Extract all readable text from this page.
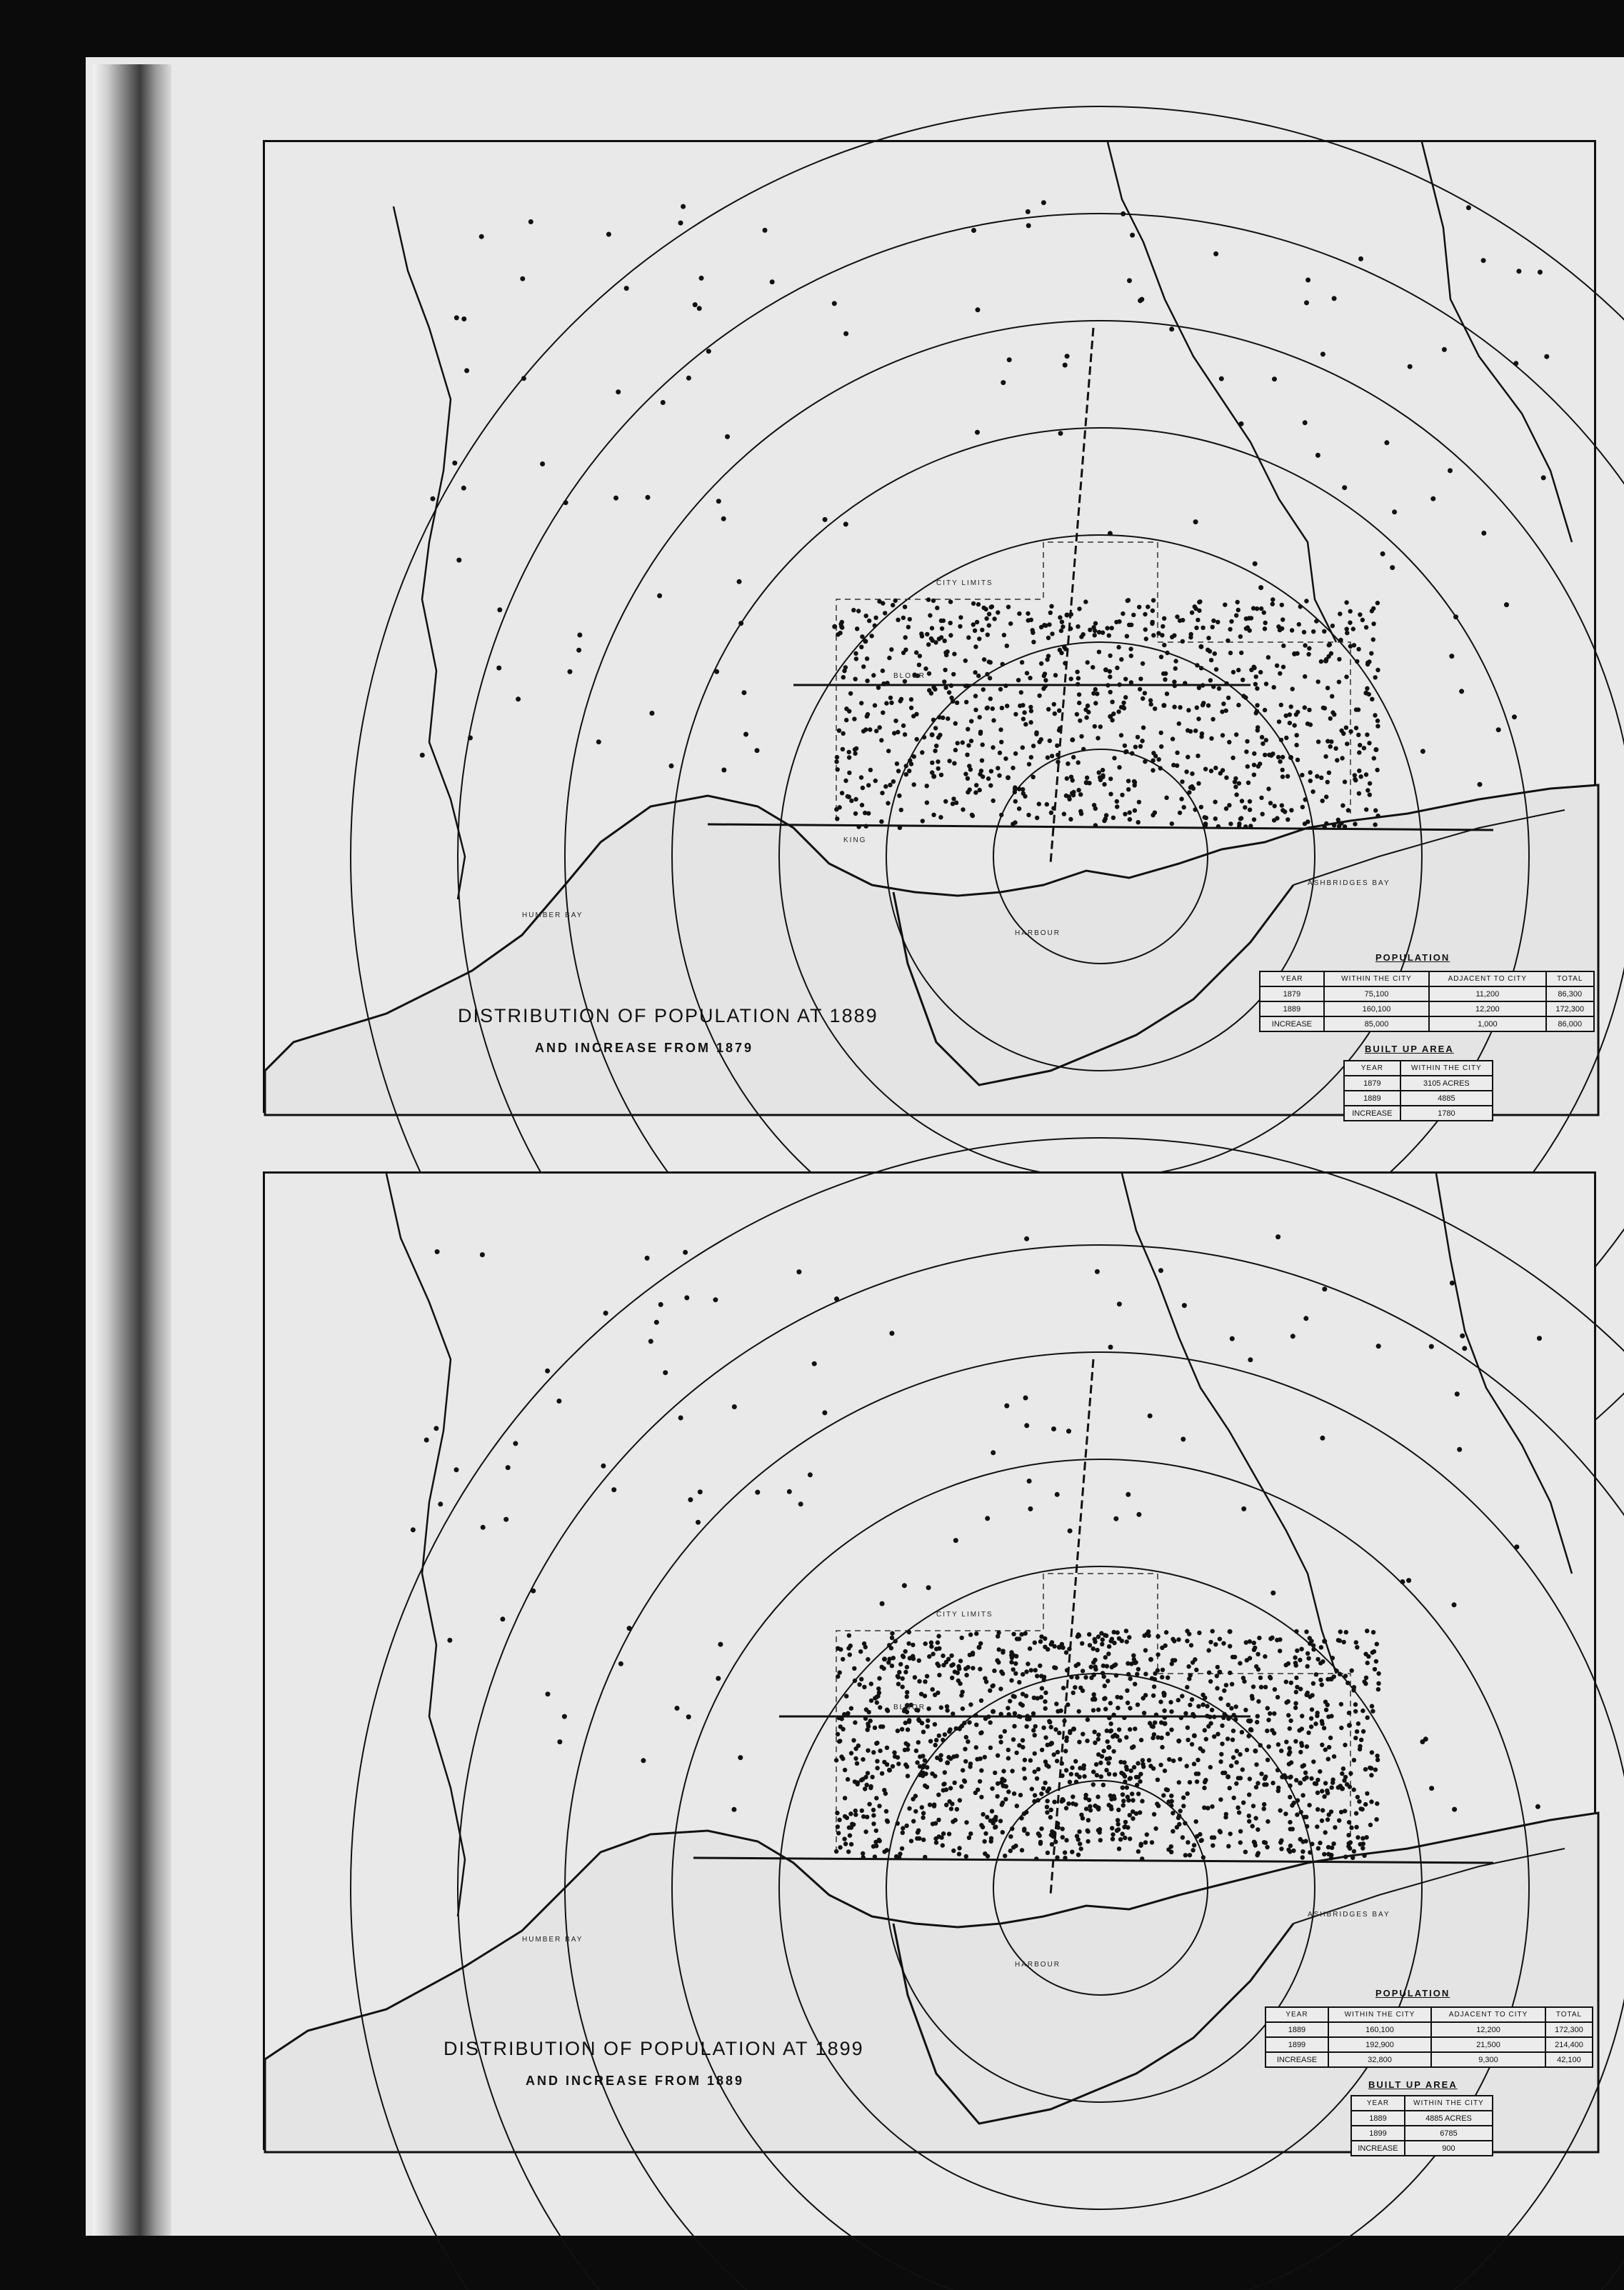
HUMBER BAY
HARBOUR
ASHBRIDGES BAY
KING
BLOOR
CITY LIMITS
DISTRIBUTION OF POPULATION AT 1889
AND INCREASE FROM 1879
POPULATION
YEAR	WITHIN THE CITY	ADJACENT TO CITY	TOTAL
1879	75,100	11,200	86,300
1889	160,100	12,200	172,300
INCREASE	85,000	1,000	86,000
BUILT UP AREA
YEAR	WITHIN THE CITY
1879	3105 ACRES
1889	4885
INCREASE	1780
HUMBER BAY
HARBOUR
ASHBRIDGES BAY
BLOOR
CITY LIMITS
DISTRIBUTION OF POPULATION AT 1899
AND INCREASE FROM 1889
POPULATION
YEAR	WITHIN THE CITY	ADJACENT TO CITY	TOTAL
1889	160,100	12,200	172,300
1899	192,900	21,500	214,400
INCREASE	32,800	9,300	42,100
BUILT UP AREA
YEAR	WITHIN THE CITY
1889	4885 ACRES
1899	6785
INCREASE	900
